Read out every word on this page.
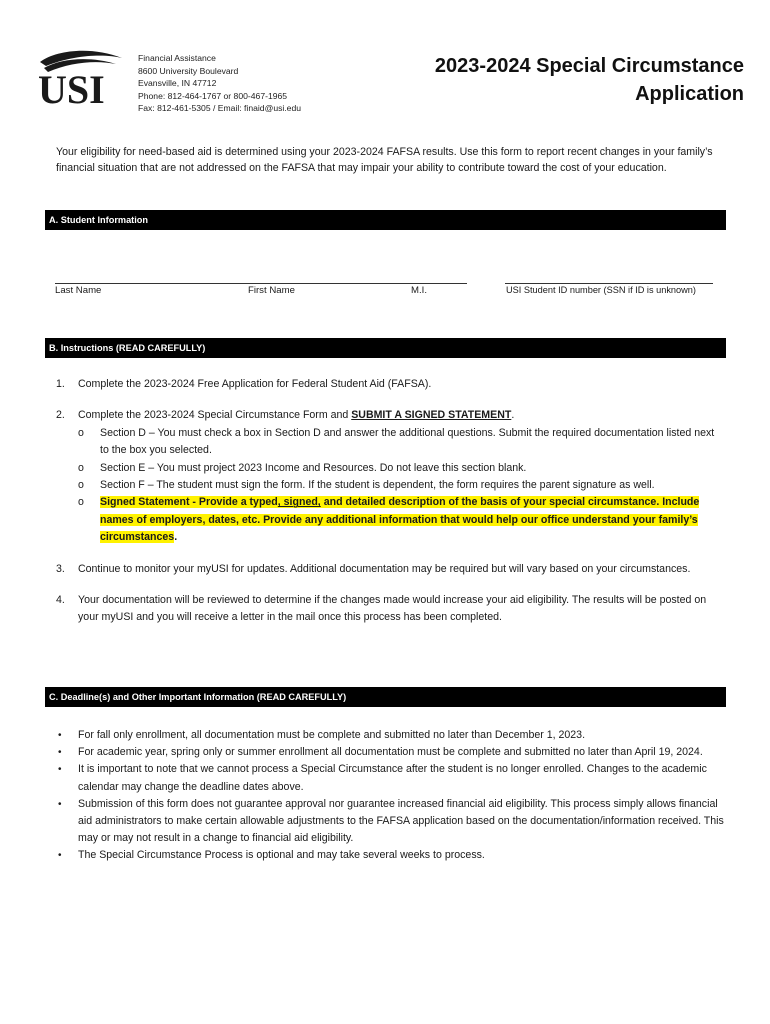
USI
Financial Assistance
8600 University Boulevard
Evansville, IN 47712
Phone: 812-464-1767 or 800-467-1965
Fax: 812-461-5305 / Email: finaid@usi.edu
2023-2024 Special Circumstance
Application
Your eligibility for need-based aid is determined using your 2023-2024 FAFSA results. Use this form to report recent changes in your family’s financial situation that are not addressed on the FAFSA that may impair your ability to contribute toward the cost of your education.
A. Student Information
Last Name	First Name	M.I.	USI Student ID number (SSN if ID is unknown)
B. Instructions (READ CAREFULLY)
1. Complete the 2023-2024 Free Application for Federal Student Aid (FAFSA).
2. Complete the 2023-2024 Special Circumstance Form and SUBMIT A SIGNED STATEMENT.
o Section D – You must check a box in Section D and answer the additional questions. Submit the required documentation listed next to the box you selected.
o Section E – You must project 2023 Income and Resources. Do not leave this section blank.
o Section F – The student must sign the form. If the student is dependent, the form requires the parent signature as well.
o Signed Statement - Provide a typed, signed, and detailed description of the basis of your special circumstance. Include names of employers, dates, etc. Provide any additional information that would help our office understand your family’s circumstances.
3. Continue to monitor your myUSI for updates. Additional documentation may be required but will vary based on your circumstances.
4. Your documentation will be reviewed to determine if the changes made would increase your aid eligibility. The results will be posted on your myUSI and you will receive a letter in the mail once this process has been completed.
C. Deadline(s) and Other Important Information (READ CAREFULLY)
• For fall only enrollment, all documentation must be complete and submitted no later than December 1, 2023.
• For academic year, spring only or summer enrollment all documentation must be complete and submitted no later than April 19, 2024.
• It is important to note that we cannot process a Special Circumstance after the student is no longer enrolled. Changes to the academic calendar may change the deadline dates above.
• Submission of this form does not guarantee approval nor guarantee increased financial aid eligibility. This process simply allows financial aid administrators to make certain allowable adjustments to the FAFSA application based on the documentation/information received. This may or may not result in a change to financial aid eligibility.
• The Special Circumstance Process is optional and may take several weeks to process.
